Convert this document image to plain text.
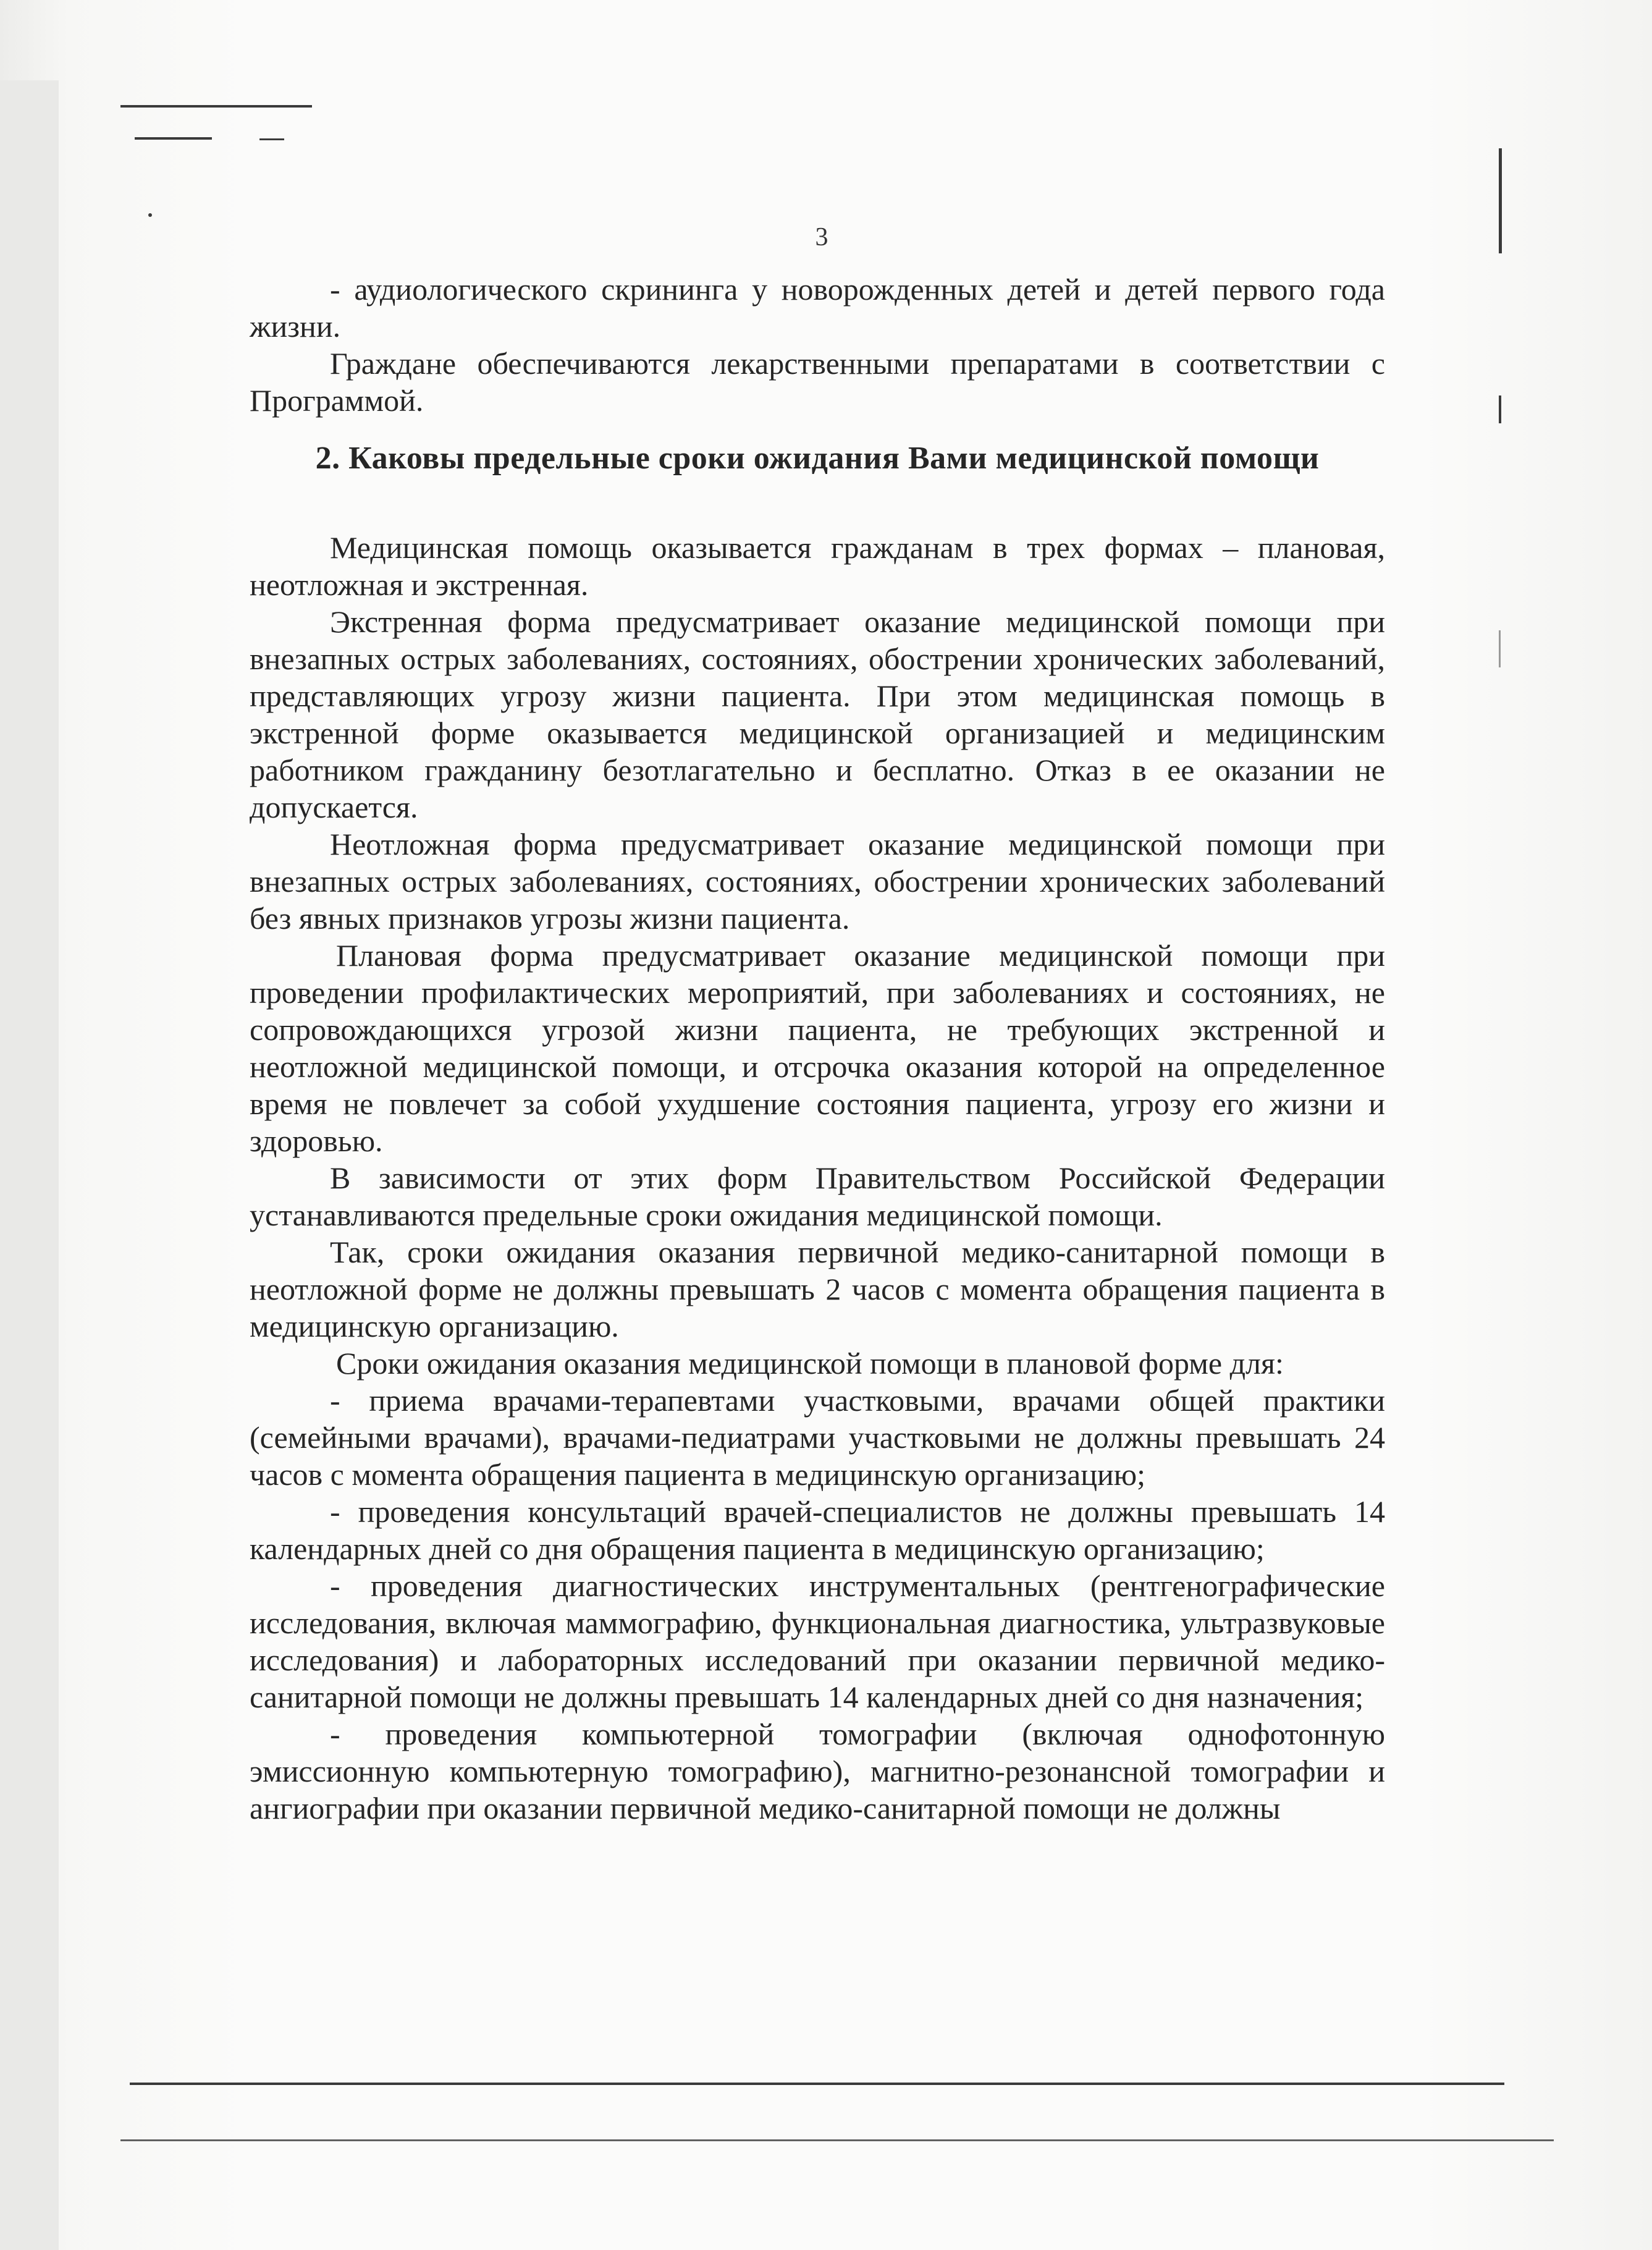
3

- аудиологического скрининга у новорожденных детей и детей первого года жизни.

Граждане обеспечиваются лекарственными препаратами в соответствии с Программой.

2. Каковы предельные сроки ожидания Вами медицинской помощи

Медицинская помощь оказывается гражданам в трех формах – плановая, неотложная и экстренная.

Экстренная форма предусматривает оказание медицинской помощи при внезапных острых заболеваниях, состояниях, обострении хронических заболеваний, представляющих угрозу жизни пациента. При этом медицинская помощь в экстренной форме оказывается медицинской организацией и медицинским работником гражданину безотлагательно и бесплатно. Отказ в ее оказании не допускается.

Неотложная форма предусматривает оказание медицинской помощи при внезапных острых заболеваниях, состояниях, обострении хронических заболеваний без явных признаков угрозы жизни пациента.

Плановая форма предусматривает оказание медицинской помощи при проведении профилактических мероприятий, при заболеваниях и состояниях, не сопровождающихся угрозой жизни пациента, не требующих экстренной и неотложной медицинской помощи, и отсрочка оказания которой на определенное время не повлечет за собой ухудшение состояния пациента, угрозу его жизни и здоровью.

В зависимости от этих форм Правительством Российской Федерации устанавливаются предельные сроки ожидания медицинской помощи.

Так, сроки ожидания оказания первичной медико-санитарной помощи в неотложной форме не должны превышать 2 часов с момента обращения пациента в медицинскую организацию.

Сроки ожидания оказания медицинской помощи в плановой форме для:

- приема врачами-терапевтами участковыми, врачами общей практики (семейными врачами), врачами-педиатрами участковыми не должны превышать 24 часов с момента обращения пациента в медицинскую организацию;

- проведения консультаций врачей-специалистов не должны превышать 14 календарных дней со дня обращения пациента в медицинскую организацию;

- проведения диагностических инструментальных (рентгенографические исследования, включая маммографию, функциональная диагностика, ультразвуковые исследования) и лабораторных исследований при оказании первичной медико-санитарной помощи не должны превышать 14 календарных дней со дня назначения;

- проведения компьютерной томографии (включая однофотонную эмиссионную компьютерную томографию), магнитно-резонансной томографии и ангиографии при оказании первичной медико-санитарной помощи не должны
